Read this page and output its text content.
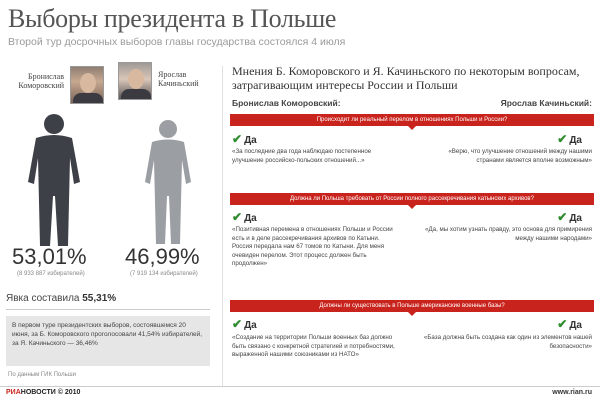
Выборы президента в Польше
Второй тур досрочных выборов главы государства состоялся 4 июля
Бронислав
Коморовский
Ярослав
Качиньский
53,01%
(8 933 887 избирателей)
46,99%
(7 919 134 избирателей)
Явка составила 55,31%
В первом туре президентских выборов, состоявшемся 20 июня, за Б. Коморовского проголосовали 41,54% избирателей, за Я. Качиньского — 36,46%
По данным ГИК Польши
Мнения Б. Коморовского и Я. Качиньского по некоторым вопросам, затрагивающим интересы России и Польши
Бронислав Коморовский:	Ярослав Качиньский:
Происходит ли реальный перелом в отношениях Польши и России?
✔ Да	✔ Да
«За последние два года наблюдаю постепенное улучшение российско-польских отношений...»
«Верю, что улучшение отношений между нашими странами является вполне возможным»
Должна ли Польша требовать от России полного рассекречивания катынских архивов?
✔ Да	✔ Да
«Позитивная перемена в отношениях Польши и России есть и в деле рассекречивания архивов по Катыни. Россия передала нам 67 томов по Катыни. Для меня очевиден перелом. Этот процесс должен быть продолжен»
«Да, мы хотим узнать правду, это основа для примирения между нашими народами»
Должны ли существовать в Польше американские военные базы?
✔ Да	✔ Да
«Создание на территории Польши военных баз должно быть связано с конкретной стратегией и потребностями, выраженной нашими союзниками из НАТО»
«База должна быть создана как один из элементов нашей безопасности»
РИАНОВОСТИ © 2010	www.rian.ru
